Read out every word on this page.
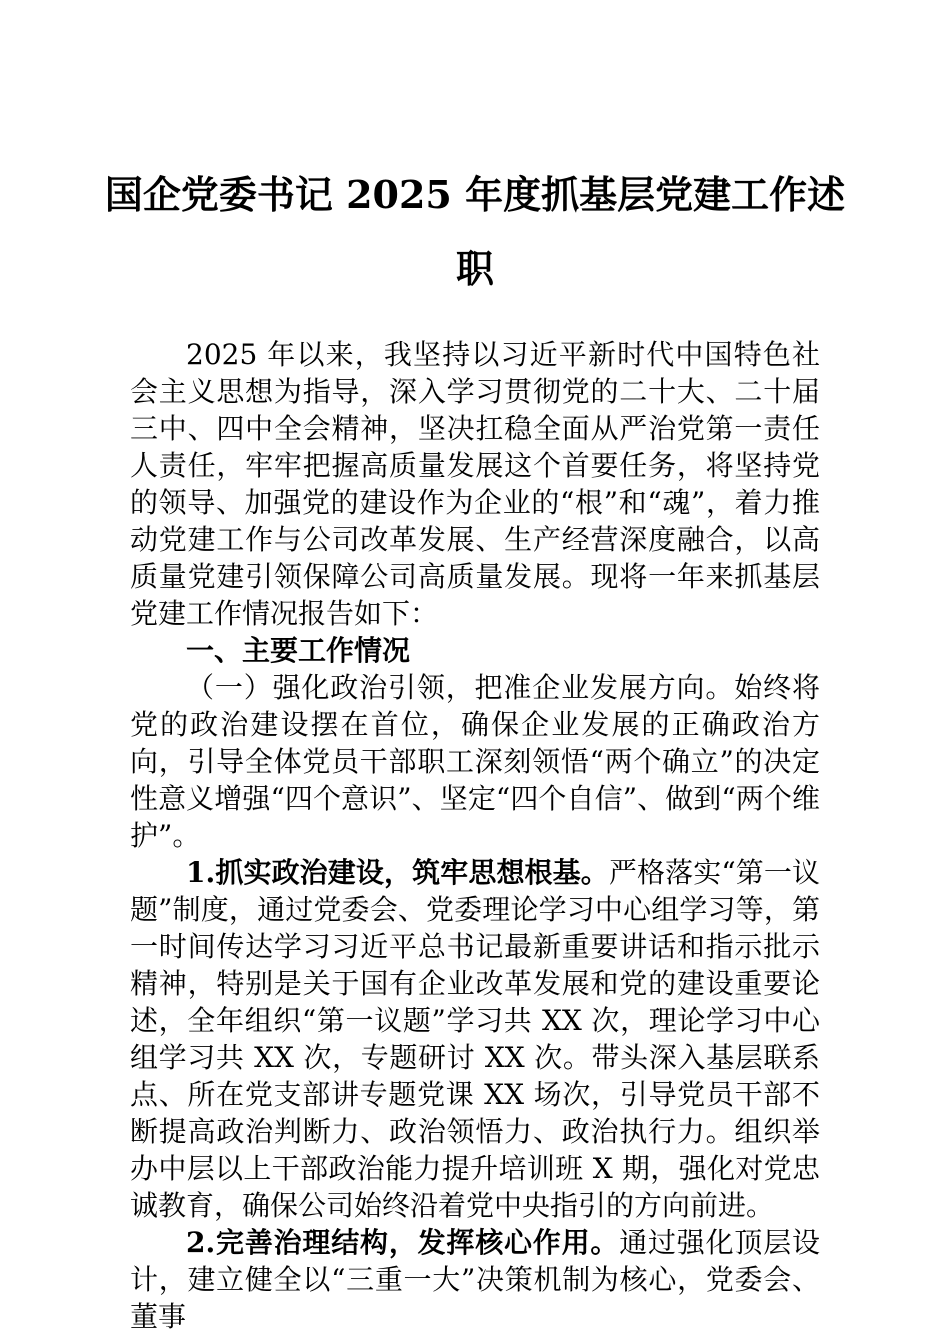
国企党委书记 2025 年度抓基层党建工作述职

2025 年以来，我坚持以习近平新时代中国特色社会主义思想为指导，深入学习贯彻党的二十大、二十届三中、四中全会精神，坚决扛稳全面从严治党第一责任人责任，牢牢把握高质量发展这个首要任务，将坚持党的领导、加强党的建设作为企业的“根”和“魂”，着力推动党建工作与公司改革发展、生产经营深度融合，以高质量党建引领保障公司高质量发展。现将一年来抓基层党建工作情况报告如下：

一、主要工作情况

（一）强化政治引领，把准企业发展方向。始终将党的政治建设摆在首位，确保企业发展的正确政治方向，引导全体党员干部职工深刻领悟“两个确立”的决定性意义增强“四个意识”、坚定“四个自信”、做到“两个维护”。

1.抓实政治建设，筑牢思想根基。严格落实“第一议题”制度，通过党委会、党委理论学习中心组学习等，第一时间传达学习习近平总书记最新重要讲话和指示批示精神，特别是关于国有企业改革发展和党的建设重要论述，全年组织“第一议题”学习共 XX 次，理论学习中心组学习共 XX 次，专题研讨 XX 次。带头深入基层联系点、所在党支部讲专题党课 XX 场次，引导党员干部不断提高政治判断力、政治领悟力、政治执行力。组织举办中层以上干部政治能力提升培训班 X 期，强化对党忠诚教育，确保公司始终沿着党中央指引的方向前进。

2.完善治理结构，发挥核心作用。通过强化顶层设计，建立健全以“三重一大”决策机制为核心，党委会、董事
